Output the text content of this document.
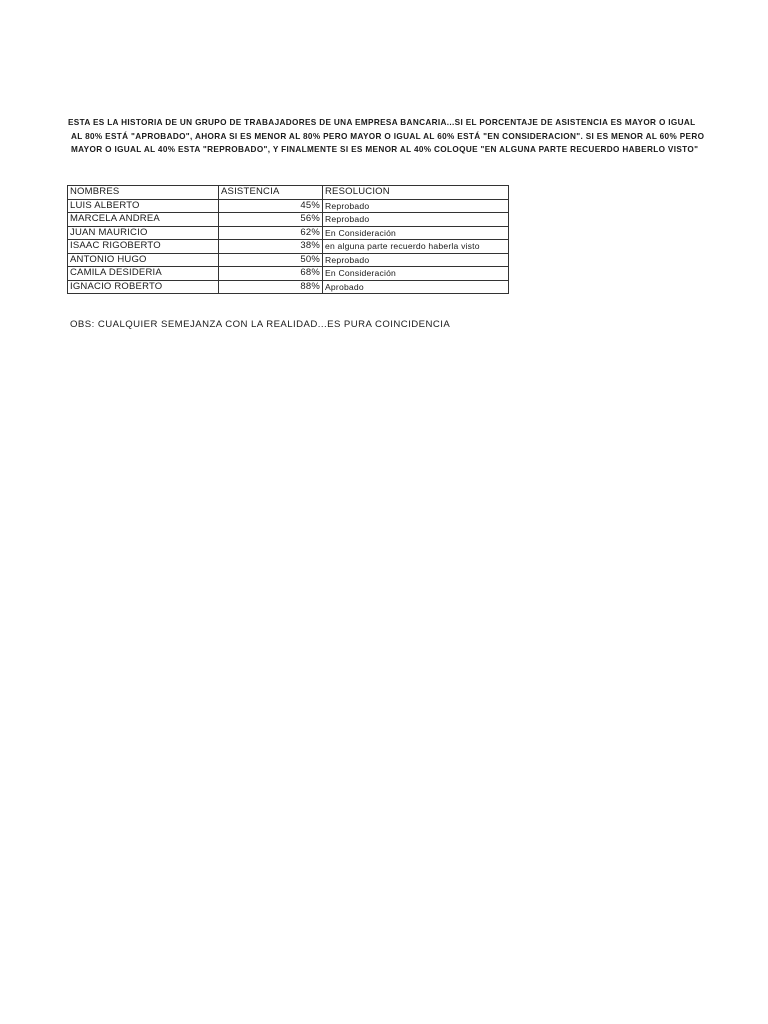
ESTA ES LA HISTORIA DE UN GRUPO DE TRABAJADORES DE UNA EMPRESA BANCARIA...SI EL PORCENTAJE DE ASISTENCIA ES MAYOR O IGUAL
AL 80% ESTÁ "APROBADO", AHORA SI ES MENOR AL 80% PERO MAYOR O IGUAL AL 60% ESTÁ "EN CONSIDERACION". SI ES MENOR AL 60% PERO
MAYOR O IGUAL AL 40% ESTA "REPROBADO", Y FINALMENTE SI ES MENOR AL 40% COLOQUE "EN ALGUNA PARTE RECUERDO HABERLO VISTO"
NOMBRES	ASISTENCIA	RESOLUCION
LUIS ALBERTO	45%	Reprobado
MARCELA ANDREA	56%	Reprobado
JUAN MAURICIO	62%	En Consideración
ISAAC RIGOBERTO	38%	en alguna parte recuerdo haberla visto
ANTONIO HUGO	50%	Reprobado
CAMILA DESIDERIA	68%	En Consideración
IGNACIO ROBERTO	88%	Aprobado
OBS: CUALQUIER SEMEJANZA CON LA REALIDAD...ES PURA COINCIDENCIA
